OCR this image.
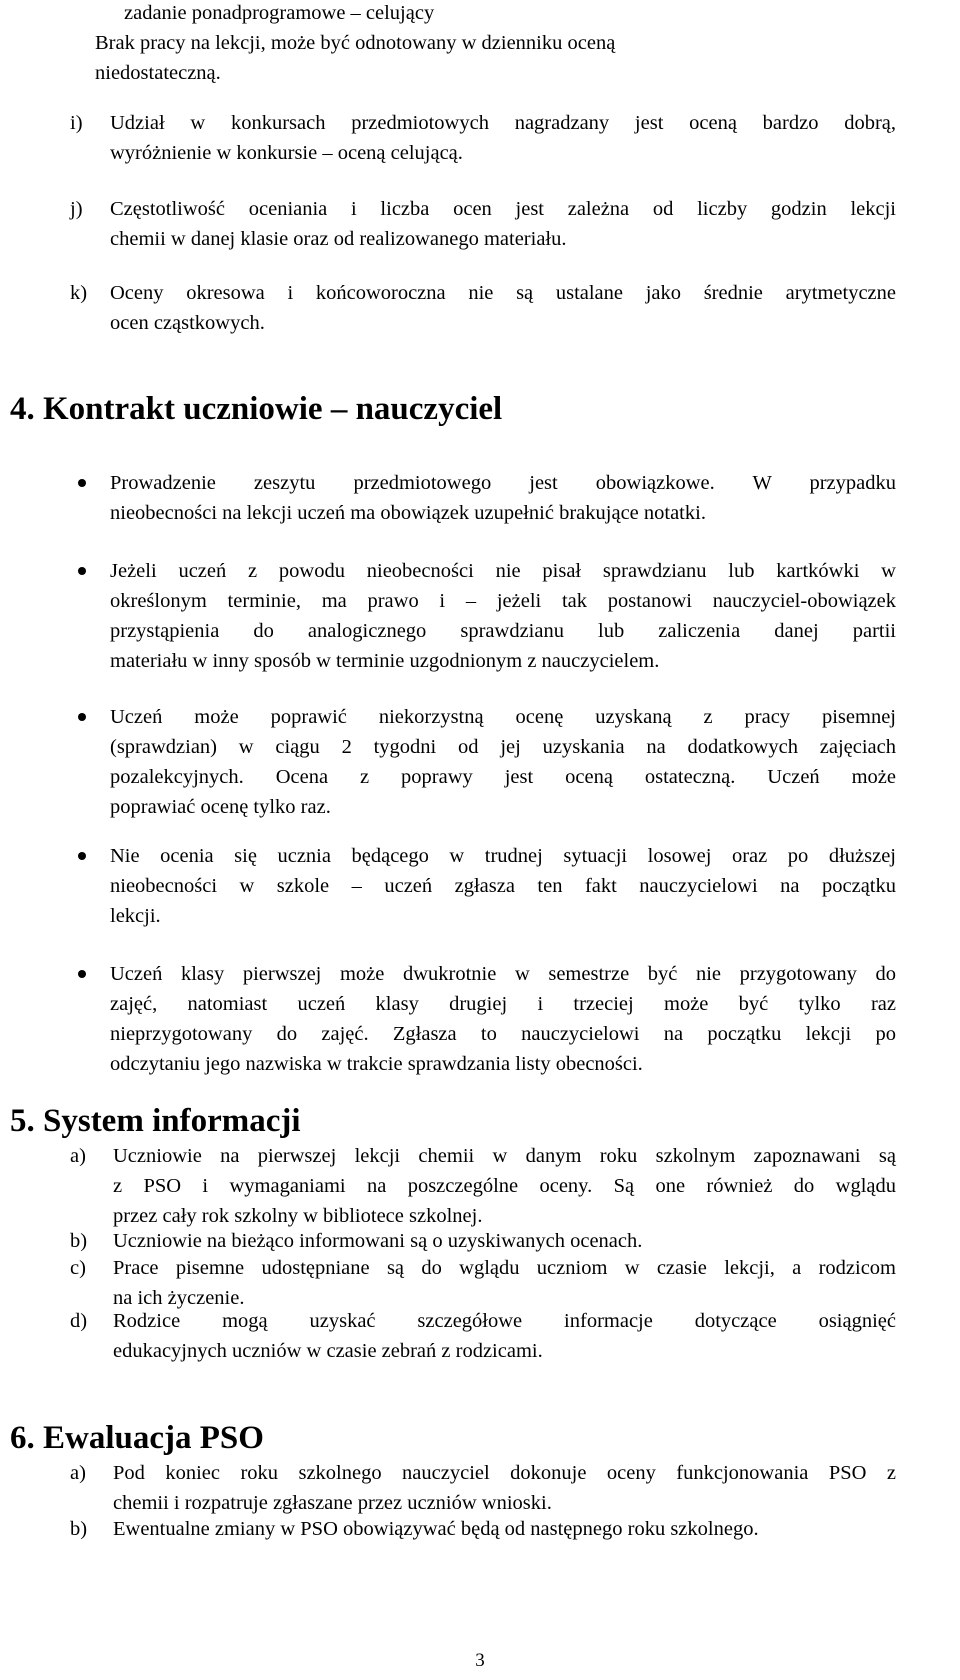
zadanie ponadprogramowe – celujący
Brak pracy na lekcji, może być odnotowany w dzienniku oceną
niedostateczną.
i) Udział w konkursach przedmiotowych nagradzany jest oceną bardzo dobrą,
wyróżnienie w konkursie – oceną celującą.
j) Częstotliwość oceniania i liczba ocen jest zależna od liczby godzin lekcji
chemii w danej klasie oraz od realizowanego materiału.
k) Oceny okresowa i końcoworoczna nie są ustalane jako średnie arytmetyczne
ocen cząstkowych.
4. Kontrakt uczniowie – nauczyciel
Prowadzenie zeszytu przedmiotowego jest obowiązkowe. W przypadku
nieobecności na lekcji uczeń ma obowiązek uzupełnić brakujące notatki.
Jeżeli uczeń z powodu nieobecności nie pisał sprawdzianu lub kartkówki w
określonym terminie, ma prawo i – jeżeli tak postanowi nauczyciel-obowiązek
przystąpienia do analogicznego sprawdzianu lub zaliczenia danej partii
materiału w inny sposób w terminie uzgodnionym z nauczycielem.
Uczeń może poprawić niekorzystną ocenę uzyskaną z pracy pisemnej
(sprawdzian) w ciągu 2 tygodni od jej uzyskania na dodatkowych zajęciach
pozalekcyjnych. Ocena z poprawy jest oceną ostateczną. Uczeń może
poprawiać ocenę tylko raz.
Nie ocenia się ucznia będącego w trudnej sytuacji losowej oraz po dłuższej
nieobecności w szkole – uczeń zgłasza ten fakt nauczycielowi na początku
lekcji.
Uczeń klasy pierwszej może dwukrotnie w semestrze być nie przygotowany do
zajęć, natomiast uczeń klasy drugiej i trzeciej może być tylko raz
nieprzygotowany do zajęć. Zgłasza to nauczycielowi na początku lekcji po
odczytaniu jego nazwiska w trakcie sprawdzania listy obecności.
5. System informacji
a) Uczniowie na pierwszej lekcji chemii w danym roku szkolnym zapoznawani są
z PSO i wymaganiami na poszczególne oceny. Są one również do wglądu
przez cały rok szkolny w bibliotece szkolnej.
b) Uczniowie na bieżąco informowani są o uzyskiwanych ocenach.
c) Prace pisemne udostępniane są do wglądu uczniom w czasie lekcji, a rodzicom
na ich życzenie.
d) Rodzice mogą uzyskać szczegółowe informacje dotyczące osiągnięć
edukacyjnych uczniów w czasie zebrań z rodzicami.
6. Ewaluacja PSO
a) Pod koniec roku szkolnego nauczyciel dokonuje oceny funkcjonowania PSO z
chemii i rozpatruje zgłaszane przez uczniów wnioski.
b) Ewentualne zmiany w PSO obowiązywać będą od następnego roku szkolnego.
3
